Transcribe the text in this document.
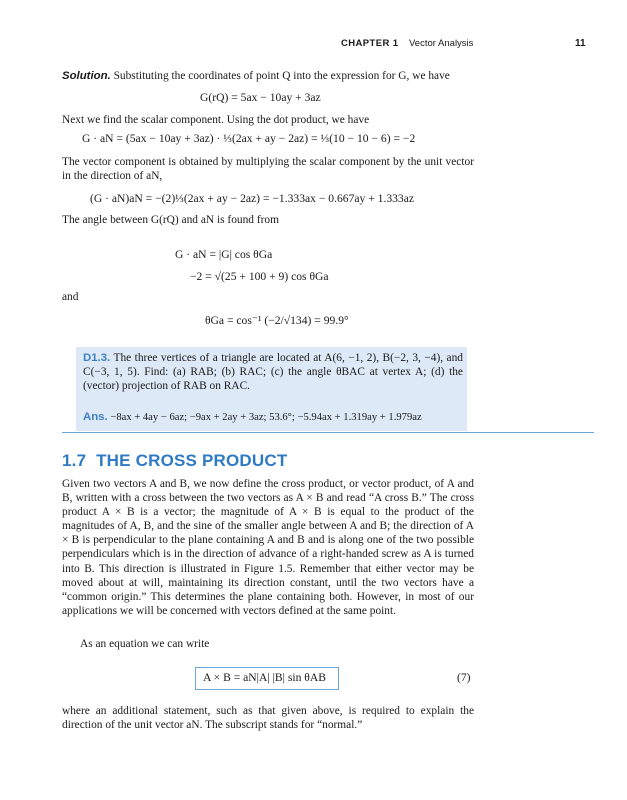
CHAPTER 1 Vector Analysis	11
Solution. Substituting the coordinates of point Q into the expression for G, we have
G(rQ) = 5ax − 10ay + 3az
Next we find the scalar component. Using the dot product, we have
G · aN = (5ax − 10ay + 3az) · ⅓(2ax + ay − 2az) = ⅓(10 − 10 − 6) = −2
The vector component is obtained by multiplying the scalar component by the unit vector in the direction of aN,
(G · aN)aN = −(2)⅓(2ax + ay − 2az) = −1.333ax − 0.667ay + 1.333az
The angle between G(rQ) and aN is found from
G · aN = |G| cos θGa
−2 = √(25 + 100 + 9) cos θGa
and
θGa = cos⁻¹ (−2/√134) = 99.9°
D1.3. The three vertices of a triangle are located at A(6, −1, 2), B(−2, 3, −4), and C(−3, 1, 5). Find: (a) RAB; (b) RAC; (c) the angle θBAC at vertex A; (d) the (vector) projection of RAB on RAC.
Ans. −8ax + 4ay − 6az; −9ax + 2ay + 3az; 53.6°; −5.94ax + 1.319ay + 1.979az
1.7 THE CROSS PRODUCT
Given two vectors A and B, we now define the cross product, or vector product, of A and B, written with a cross between the two vectors as A × B and read “A cross B.” The cross product A × B is a vector; the magnitude of A × B is equal to the product of the magnitudes of A, B, and the sine of the smaller angle between A and B; the direction of A × B is perpendicular to the plane containing A and B and is along one of the two possible perpendiculars which is in the direction of advance of a right-handed screw as A is turned into B. This direction is illustrated in Figure 1.5. Remember that either vector may be moved about at will, maintaining its direction constant, until the two vectors have a “common origin.” This determines the plane containing both. However, in most of our applications we will be concerned with vectors defined at the same point.
As an equation we can write
A × B = aN|A| |B| sin θAB	(7)
where an additional statement, such as that given above, is required to explain the direction of the unit vector aN. The subscript stands for “normal.”
